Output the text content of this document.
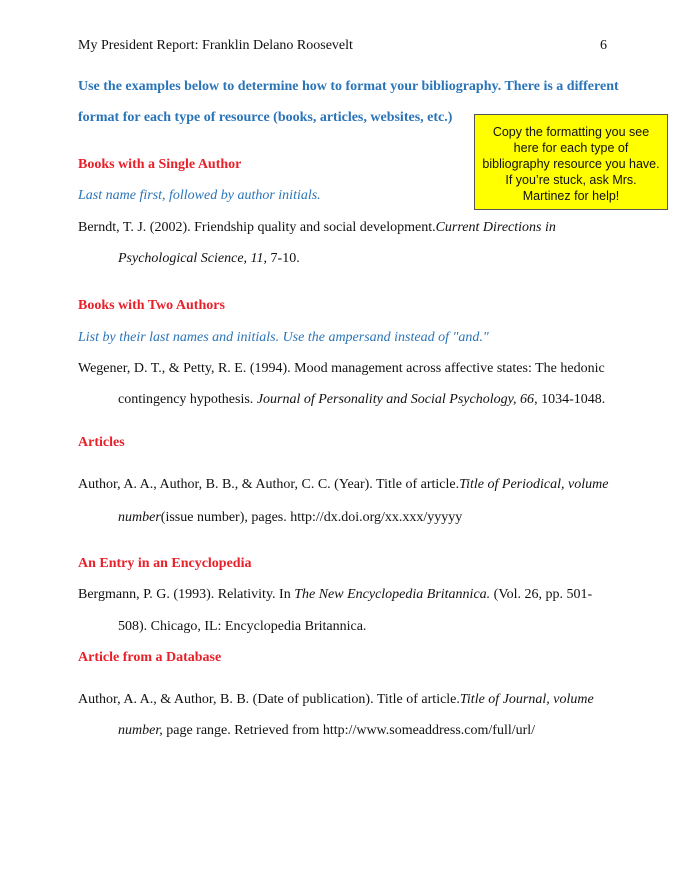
My President Report: Franklin Delano Roosevelt	6
Use the examples below to determine how to format your bibliography. There is a different
format for each type of resource (books, articles, websites, etc.)
Copy the formatting you see
here for each type of
bibliography resource you have.
If you’re stuck, ask Mrs.
Martinez for help!
Books with a Single Author
Last name first, followed by author initials.
Berndt, T. J. (2002). Friendship quality and social development.Current Directions in
Psychological Science, 11, 7-10.
Books with Two Authors
List by their last names and initials. Use the ampersand instead of "and."
Wegener, D. T., & Petty, R. E. (1994). Mood management across affective states: The hedonic
contingency hypothesis. Journal of Personality and Social Psychology, 66, 1034-1048.
Articles
Author, A. A., Author, B. B., & Author, C. C. (Year). Title of article.Title of Periodical, volume
number(issue number), pages. http://dx.doi.org/xx.xxx/yyyyy
An Entry in an Encyclopedia
Bergmann, P. G. (1993). Relativity. In The New Encyclopedia Britannica. (Vol. 26, pp. 501-
508). Chicago, IL: Encyclopedia Britannica.
Article from a Database
Author, A. A., & Author, B. B. (Date of publication). Title of article.Title of Journal, volume
number, page range. Retrieved from http://www.someaddress.com/full/url/
